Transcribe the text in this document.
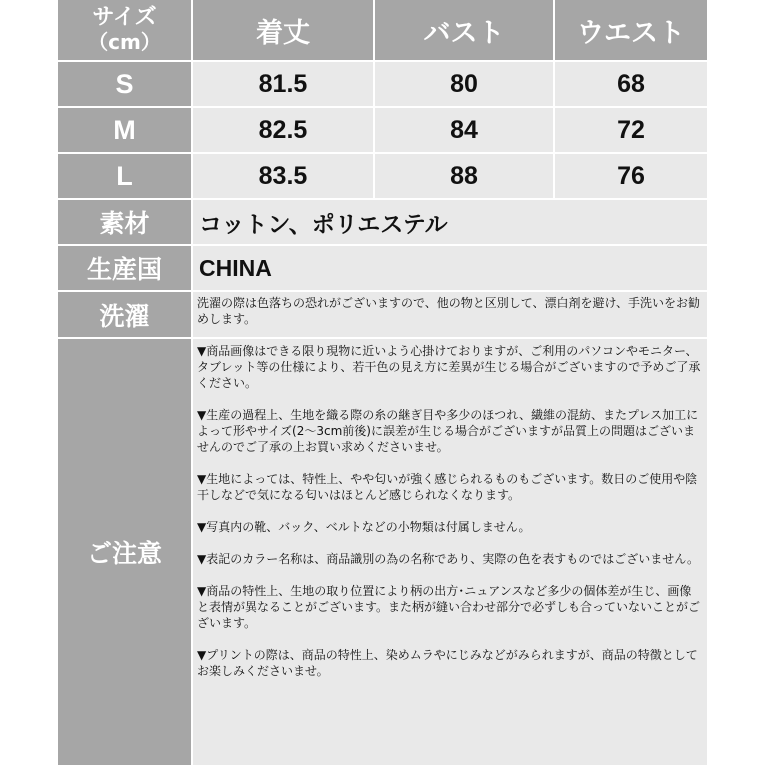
サイズ
（cm）	着丈	バスト	ウエスト
S	81.5	80	68
M	82.5	84	72
L	83.5	88	76
素材 コットン、ポリエステル
生産国 CHINA
洗濯	洗濯の際は色落ちの恐れがございますので、他の物と区別して、漂白剤を避け、手洗いをお勧めします。
ご注意

▼商品画像はできる限り現物に近いよう心掛けておりますが、ご利用のパソコンやモニター、タブレット等の仕様により、若干色の見え方に差異が生じる場合がございますので予めご了承ください。

▼生産の過程上、生地を織る際の糸の継ぎ目や多少のほつれ、繊維の混紡、またプレス加工によって形やサイズ(2〜3cm前後)に誤差が生じる場合がございますが品質上の問題はございませんのでご了承の上お買い求めくださいませ。

▼生地によっては、特性上、やや匂いが強く感じられるものもございます。数日のご使用や陰干しなどで気になる匂いはほとんど感じられなくなります。

▼写真内の靴、バック、ベルトなどの小物類は付属しません。

▼表記のカラー名称は、商品識別の為の名称であり、実際の色を表すものではございません。

▼商品の特性上、生地の取り位置により柄の出方･ニュアンスなど多少の個体差が生じ、画像と表情が異なることがございます。また柄が縫い合わせ部分で必ずしも合っていないことがございます。

▼プリントの際は、商品の特性上、染めムラやにじみなどがみられますが、商品の特徴としてお楽しみくださいませ。
